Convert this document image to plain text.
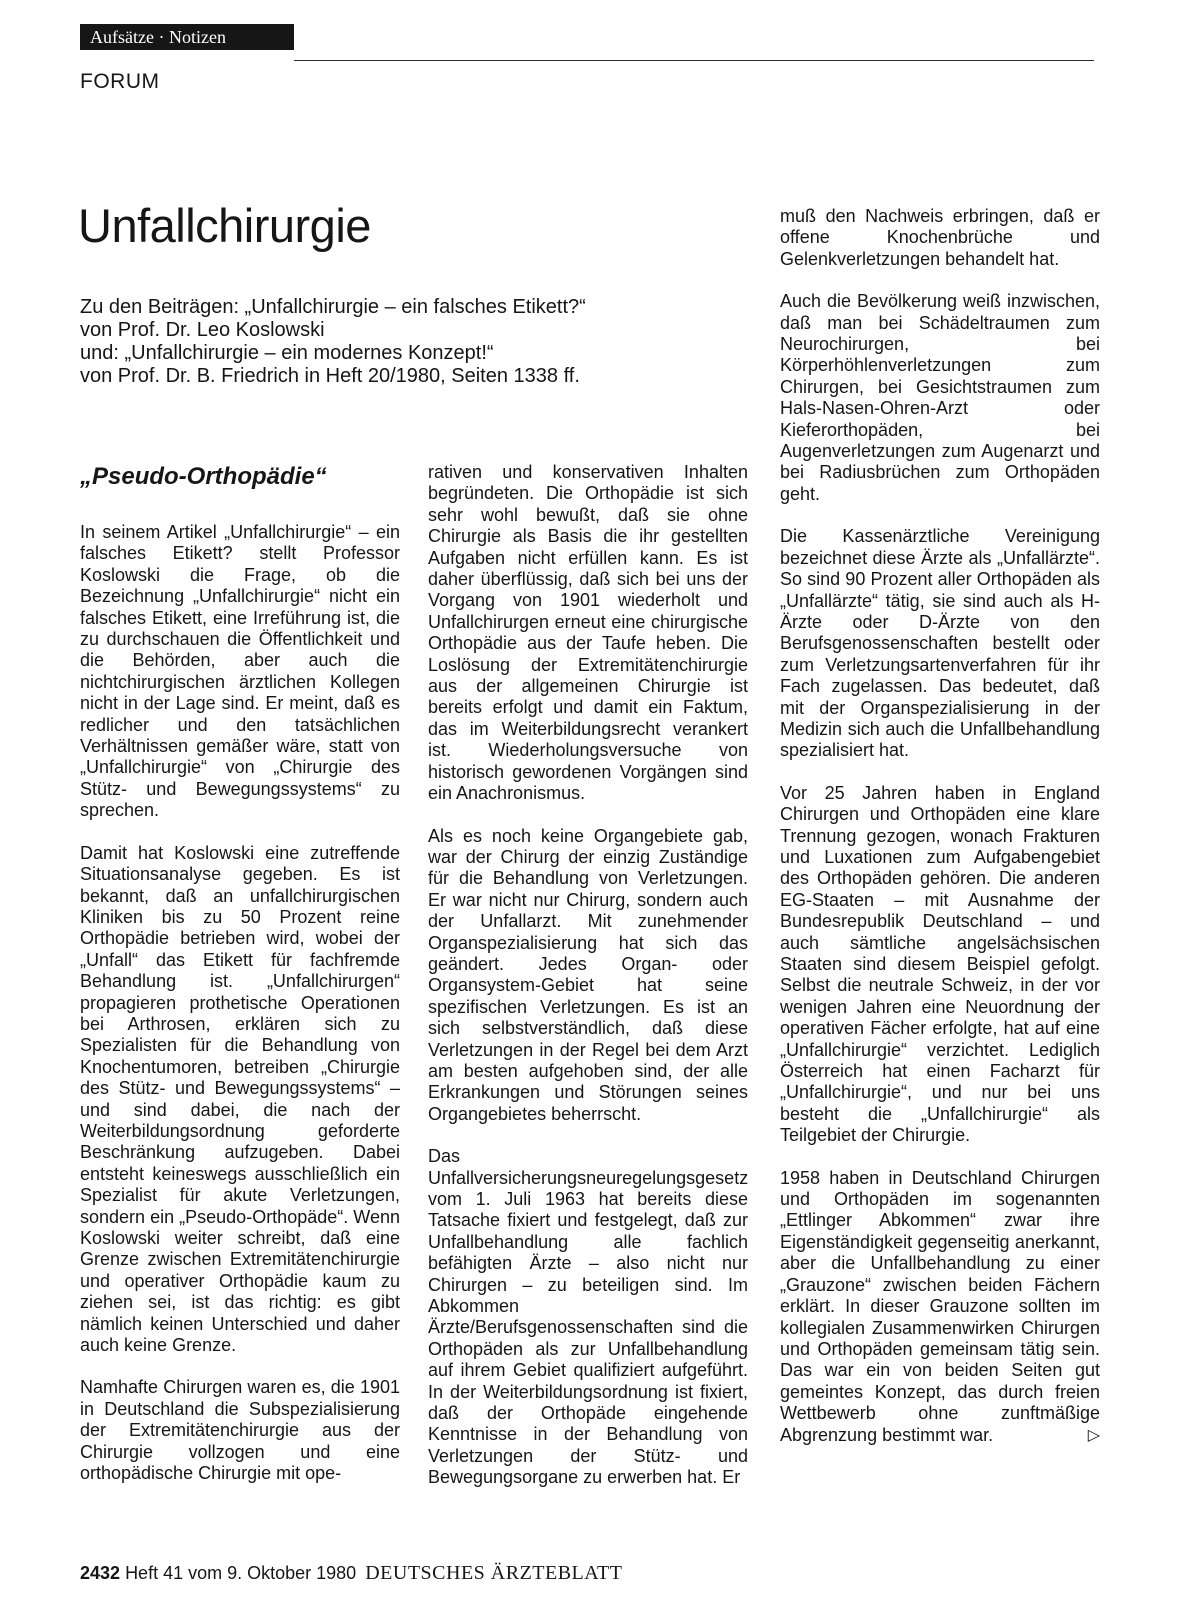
Aufsätze · Notizen
FORUM
Unfallchirurgie
Zu den Beiträgen: „Unfallchirurgie – ein falsches Etikett?“
von Prof. Dr. Leo Koslowski
und: „Unfallchirurgie – ein modernes Konzept!“
von Prof. Dr. B. Friedrich in Heft 20/1980, Seiten 1338 ff.

„Pseudo-Orthopädie“

In seinem Artikel „Unfallchirurgie“ – ein falsches Etikett? stellt Professor Koslowski die Frage, ob die Bezeichnung „Unfallchirurgie“ nicht ein falsches Etikett, eine Irreführung ist, die zu durchschauen die Öffentlichkeit und die Behörden, aber auch die nichtchirurgischen ärztlichen Kollegen nicht in der Lage sind. Er meint, daß es redlicher und den tatsächlichen Verhältnissen gemäßer wäre, statt von „Unfallchirurgie“ von „Chirurgie des Stütz- und Bewegungssystems“ zu sprechen.

Damit hat Koslowski eine zutreffende Situationsanalyse gegeben. Es ist bekannt, daß an unfallchirurgischen Kliniken bis zu 50 Prozent reine Orthopädie betrieben wird, wobei der „Unfall“ das Etikett für fachfremde Behandlung ist. „Unfallchirurgen“ propagieren prothetische Operationen bei Arthrosen, erklären sich zu Spezialisten für die Behandlung von Knochentumoren, betreiben „Chirurgie des Stütz- und Bewegungssystems“ – und sind dabei, die nach der Weiterbildungsordnung geforderte Beschränkung aufzugeben. Dabei entsteht keineswegs ausschließlich ein Spezialist für akute Verletzungen, sondern ein „Pseudo-Orthopäde“. Wenn Koslowski weiter schreibt, daß eine Grenze zwischen Extremitätenchirurgie und operativer Orthopädie kaum zu ziehen sei, ist das richtig: es gibt nämlich keinen Unterschied und daher auch keine Grenze.

Namhafte Chirurgen waren es, die 1901 in Deutschland die Subspezialisierung der Extremitätenchirurgie aus der Chirurgie vollzogen und eine orthopädische Chirurgie mit ope-

rativen und konservativen Inhalten begründeten. Die Orthopädie ist sich sehr wohl bewußt, daß sie ohne Chirurgie als Basis die ihr gestellten Aufgaben nicht erfüllen kann. Es ist daher überflüssig, daß sich bei uns der Vorgang von 1901 wiederholt und Unfallchirurgen erneut eine chirurgische Orthopädie aus der Taufe heben. Die Loslösung der Extremitätenchirurgie aus der allgemeinen Chirurgie ist bereits erfolgt und damit ein Faktum, das im Weiterbildungsrecht verankert ist. Wiederholungsversuche von historisch gewordenen Vorgängen sind ein Anachronismus.

Als es noch keine Organgebiete gab, war der Chirurg der einzig Zuständige für die Behandlung von Verletzungen. Er war nicht nur Chirurg, sondern auch der Unfallarzt. Mit zunehmender Organspezialisierung hat sich das geändert. Jedes Organ- oder Organsystem-Gebiet hat seine spezifischen Verletzungen. Es ist an sich selbstverständlich, daß diese Verletzungen in der Regel bei dem Arzt am besten aufgehoben sind, der alle Erkrankungen und Störungen seines Organgebietes beherrscht.

Das Unfallversicherungsneuregelungsgesetz vom 1. Juli 1963 hat bereits diese Tatsache fixiert und festgelegt, daß zur Unfallbehandlung alle fachlich befähigten Ärzte – also nicht nur Chirurgen – zu beteiligen sind. Im Abkommen Ärzte/Berufsgenossenschaften sind die Orthopäden als zur Unfallbehandlung auf ihrem Gebiet qualifiziert aufgeführt. In der Weiterbildungsordnung ist fixiert, daß der Orthopäde eingehende Kenntnisse in der Behandlung von Verletzungen der Stütz- und Bewegungsorgane zu erwerben hat. Er

muß den Nachweis erbringen, daß er offene Knochenbrüche und Gelenkverletzungen behandelt hat.

Auch die Bevölkerung weiß inzwischen, daß man bei Schädeltraumen zum Neurochirurgen, bei Körperhöhlenverletzungen zum Chirurgen, bei Gesichtstraumen zum Hals-Nasen-Ohren-Arzt oder Kieferorthopäden, bei Augenverletzungen zum Augenarzt und bei Radiusbrüchen zum Orthopäden geht.

Die Kassenärztliche Vereinigung bezeichnet diese Ärzte als „Unfallärzte“. So sind 90 Prozent aller Orthopäden als „Unfallärzte“ tätig, sie sind auch als H-Ärzte oder D-Ärzte von den Berufsgenossenschaften bestellt oder zum Verletzungsartenverfahren für ihr Fach zugelassen. Das bedeutet, daß mit der Organspezialisierung in der Medizin sich auch die Unfallbehandlung spezialisiert hat.

Vor 25 Jahren haben in England Chirurgen und Orthopäden eine klare Trennung gezogen, wonach Frakturen und Luxationen zum Aufgabengebiet des Orthopäden gehören. Die anderen EG-Staaten – mit Ausnahme der Bundesrepublik Deutschland – und auch sämtliche angelsächsischen Staaten sind diesem Beispiel gefolgt. Selbst die neutrale Schweiz, in der vor wenigen Jahren eine Neuordnung der operativen Fächer erfolgte, hat auf eine „Unfallchirurgie“ verzichtet. Lediglich Österreich hat einen Facharzt für „Unfallchirurgie“, und nur bei uns besteht die „Unfallchirurgie“ als Teilgebiet der Chirurgie.

1958 haben in Deutschland Chirurgen und Orthopäden im sogenannten „Ettlinger Abkommen“ zwar ihre Eigenständigkeit gegenseitig anerkannt, aber die Unfallbehandlung zu einer „Grauzone“ zwischen beiden Fächern erklärt. In dieser Grauzone sollten im kollegialen Zusammenwirken Chirurgen und Orthopäden gemeinsam tätig sein. Das war ein von beiden Seiten gut gemeintes Konzept, das durch freien Wettbewerb ohne zunftmäßige Abgrenzung bestimmt war.	▷

2432 Heft 41 vom 9. Oktober 1980 DEUTSCHES ÄRZTEBLATT
